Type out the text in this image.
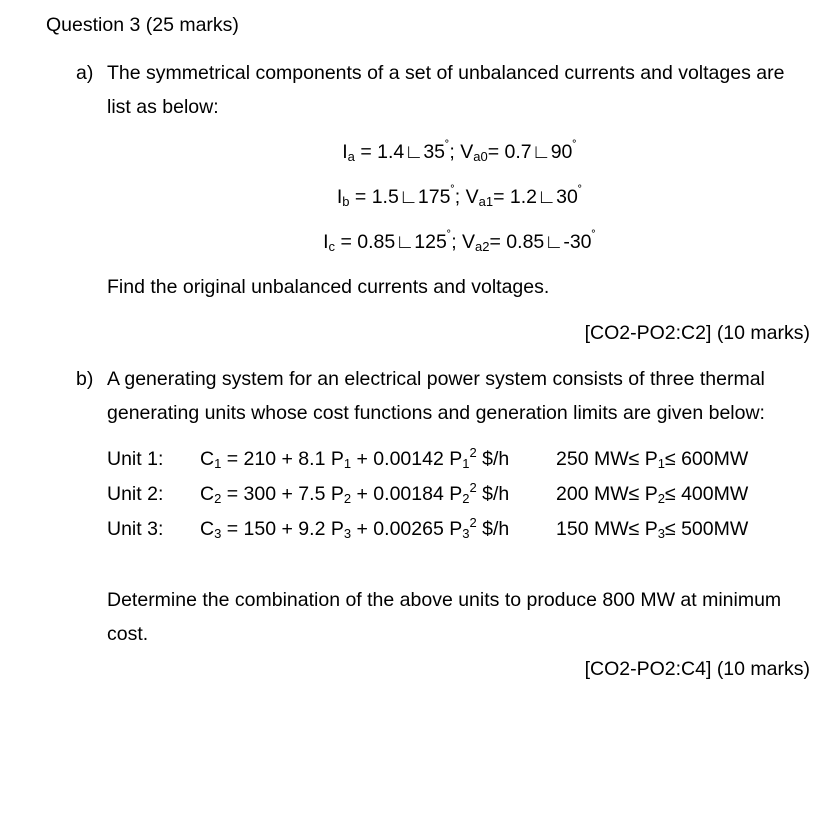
Question 3 (25 marks)
a) The symmetrical components of a set of unbalanced currents and voltages are
list as below:
$I_a$ = 1.4∟35˚; $V_{a0}=$ 0.7∟90˚
$I_b$ = 1.5∟175˚; $V_{a1}=$ 1.2∟30˚
$I_c$ = 0.85∟125˚; $V_{a2}=$ 0.85∟-30˚
Find the original unbalanced currents and voltages.
[CO2-PO2:C2] (10 marks)
b) A generating system for an electrical power system consists of three thermal
generating units whose cost functions and generation limits are given below:
Unit 1: $C_1 = 210 + 8.1$ $P_1 + 0.00142$ $P_1^2$ $/h 250 $MW\le P_1\le 600MW$
Unit 2: $C_2 = 300 + 7.5$ $P_2 + 0.00184$ $P_2^2$ $/h 200 $MW\le P_2\le 400MW$
Unit 3: $C_3 = 150 + 9.2$ $P_3 + 0.00265$ $P_3^2$ $/h 150 $MW\le P_3\le 500MW$
Determine the combination of the above units to produce 800 MW at minimum
cost.
[CO2-PO2:C4] (10 marks)
